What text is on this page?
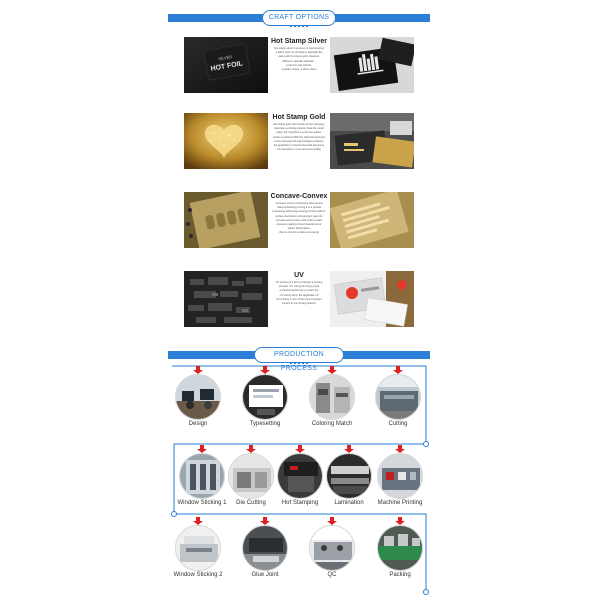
CRAFT OPTIONS
SILVER
HOT FOIL
Hot Stamp Silver
Hot stamp silver is process of reprocessing
a fabric style, Its principle is basically the
same with hot stamp gold, However,
different materials selection .
Look from the exterior,
a golden sheen, a silver sheen
Hot Stamp Gold
Hot stamp gold, also known as hot stamping,
decorate a printing process, heat the metal
plate, foil, imprinted on print out golden
words or patterns.With the rapid development
of hot stamping foil and packaging industry,
the application of electrochemical aluminum
hot stamping is more and more widely
Concave-Convex
Concave-convex embossing also named
relief embossing printing.It is a special
processing technology among printed matter's
surface decoration processing,It uses the
concave-and-convex mold,under certain
pressure,making printed material occur
plastic deformation,
thus to art print surface processing
UV
UV printing is a kind of through a printing
process, UV curing ink drying need
a photosensitizer.win to match the
UV curing lamp, the application of
UV printing is one of the most important
content in the printing industry
PRODUCTION PROCESS
Design	Typesetting	Coloring Match	Cutting
Window Sticking 1	Die Cutting	Hot Stamping	Lamination	Machine Printing
Window Sticking 2	Glue Joint	QC	Packing
